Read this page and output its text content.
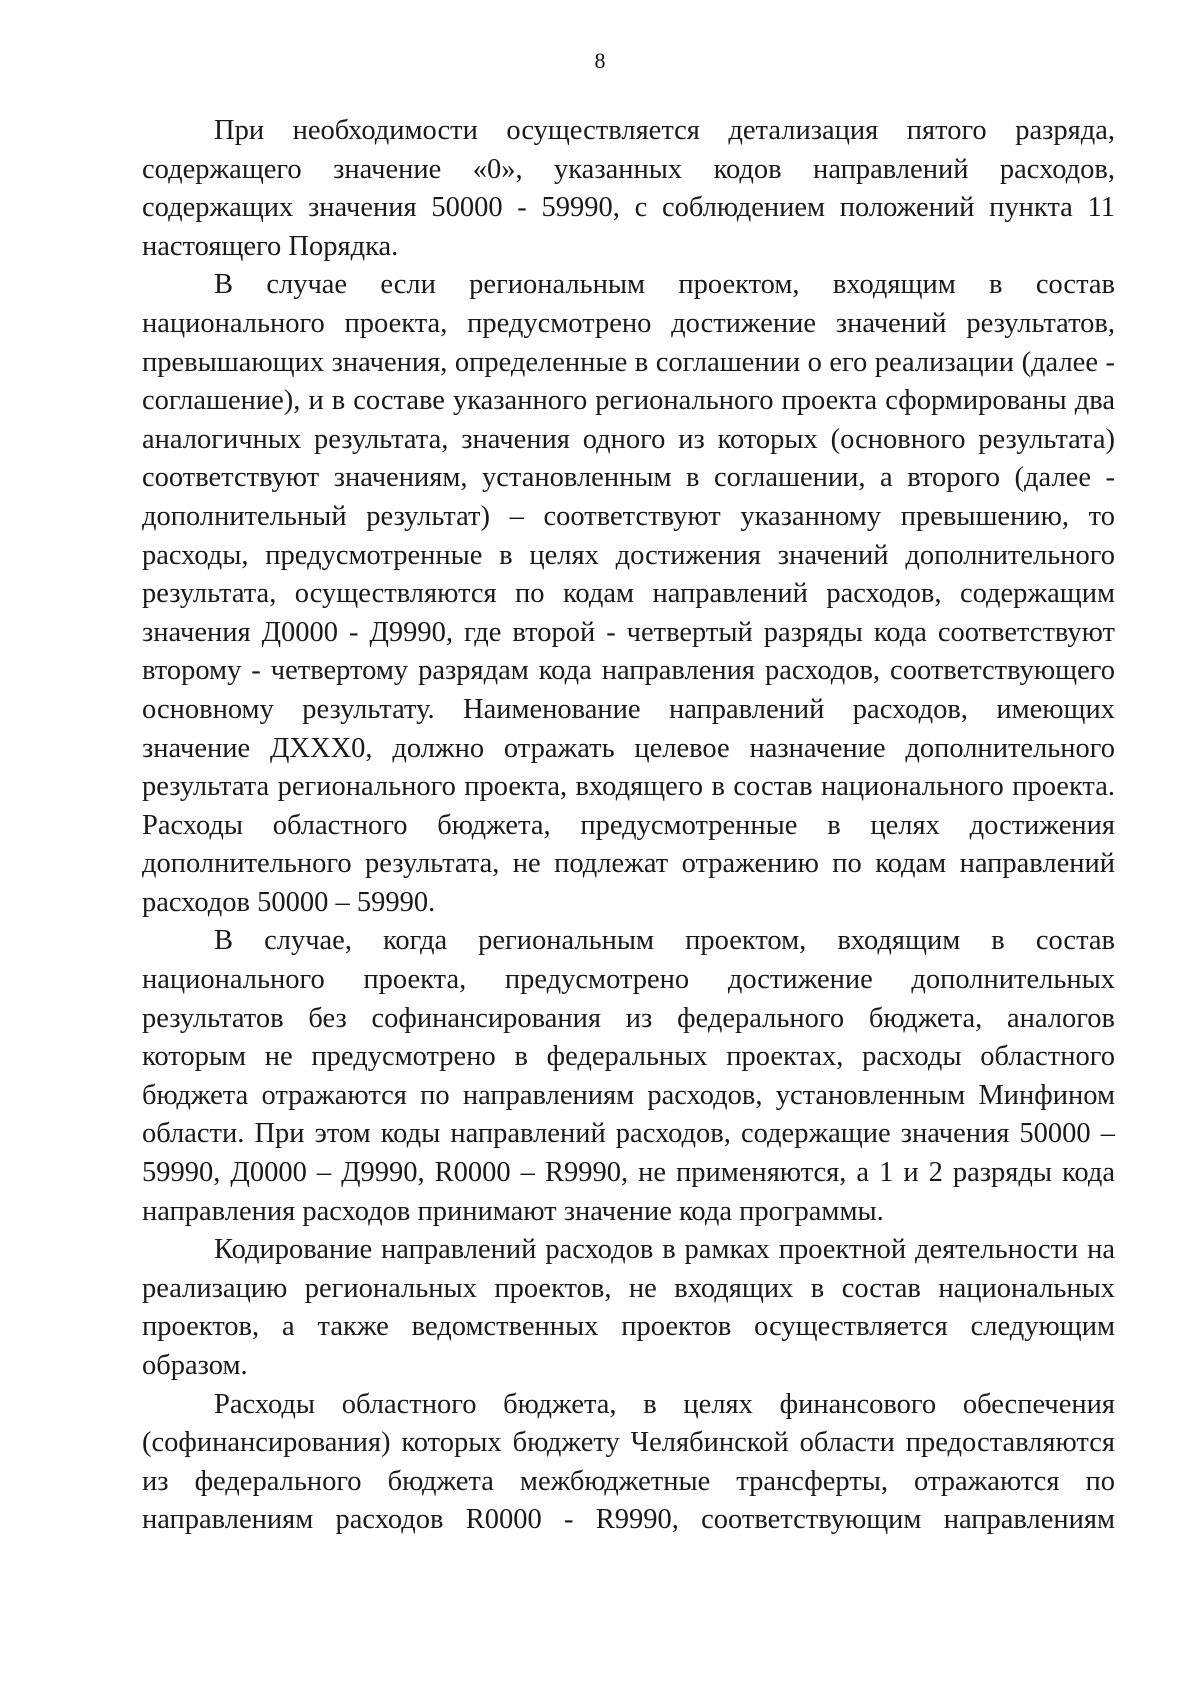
8

При необходимости осуществляется детализация пятого разряда, содержащего значение «0», указанных кодов направлений расходов, содержащих значения 50000 - 59990, с соблюдением положений пункта 11 настоящего Порядка.

В случае если региональным проектом, входящим в состав национального проекта, предусмотрено достижение значений результатов, превышающих значения, определенные в соглашении о его реализации (далее - соглашение), и в составе указанного регионального проекта сформированы два аналогичных результата, значения одного из которых (основного результата) соответствуют значениям, установленным в соглашении, а второго (далее - дополнительный результат) – соответствуют указанному превышению, то расходы, предусмотренные в целях достижения значений дополнительного результата, осуществляются по кодам направлений расходов, содержащим значения Д0000 - Д9990, где второй - четвертый разряды кода соответствуют второму - четвертому разрядам кода направления расходов, соответствующего основному результату. Наименование направлений расходов, имеющих значение ДXXX0, должно отражать целевое назначение дополнительного результата регионального проекта, входящего в состав национального проекта. Расходы областного бюджета, предусмотренные в целях достижения дополнительного результата, не подлежат отражению по кодам направлений расходов 50000 – 59990.

В случае, когда региональным проектом, входящим в состав национального проекта, предусмотрено достижение дополнительных результатов без софинансирования из федерального бюджета, аналогов которым не предусмотрено в федеральных проектах, расходы областного бюджета отражаются по направлениям расходов, установленным Минфином области. При этом коды направлений расходов, содержащие значения 50000 – 59990, Д0000 – Д9990, R0000 – R9990, не применяются, а 1 и 2 разряды кода направления расходов принимают значение кода программы.

Кодирование направлений расходов в рамках проектной деятельности на реализацию региональных проектов, не входящих в состав национальных проектов, а также ведомственных проектов осуществляется следующим образом.

Расходы областного бюджета, в целях финансового обеспечения (софинансирования) которых бюджету Челябинской области предоставляются из федерального бюджета межбюджетные трансферты, отражаются по направлениям расходов R0000 - R9990, соответствующим направлениям
